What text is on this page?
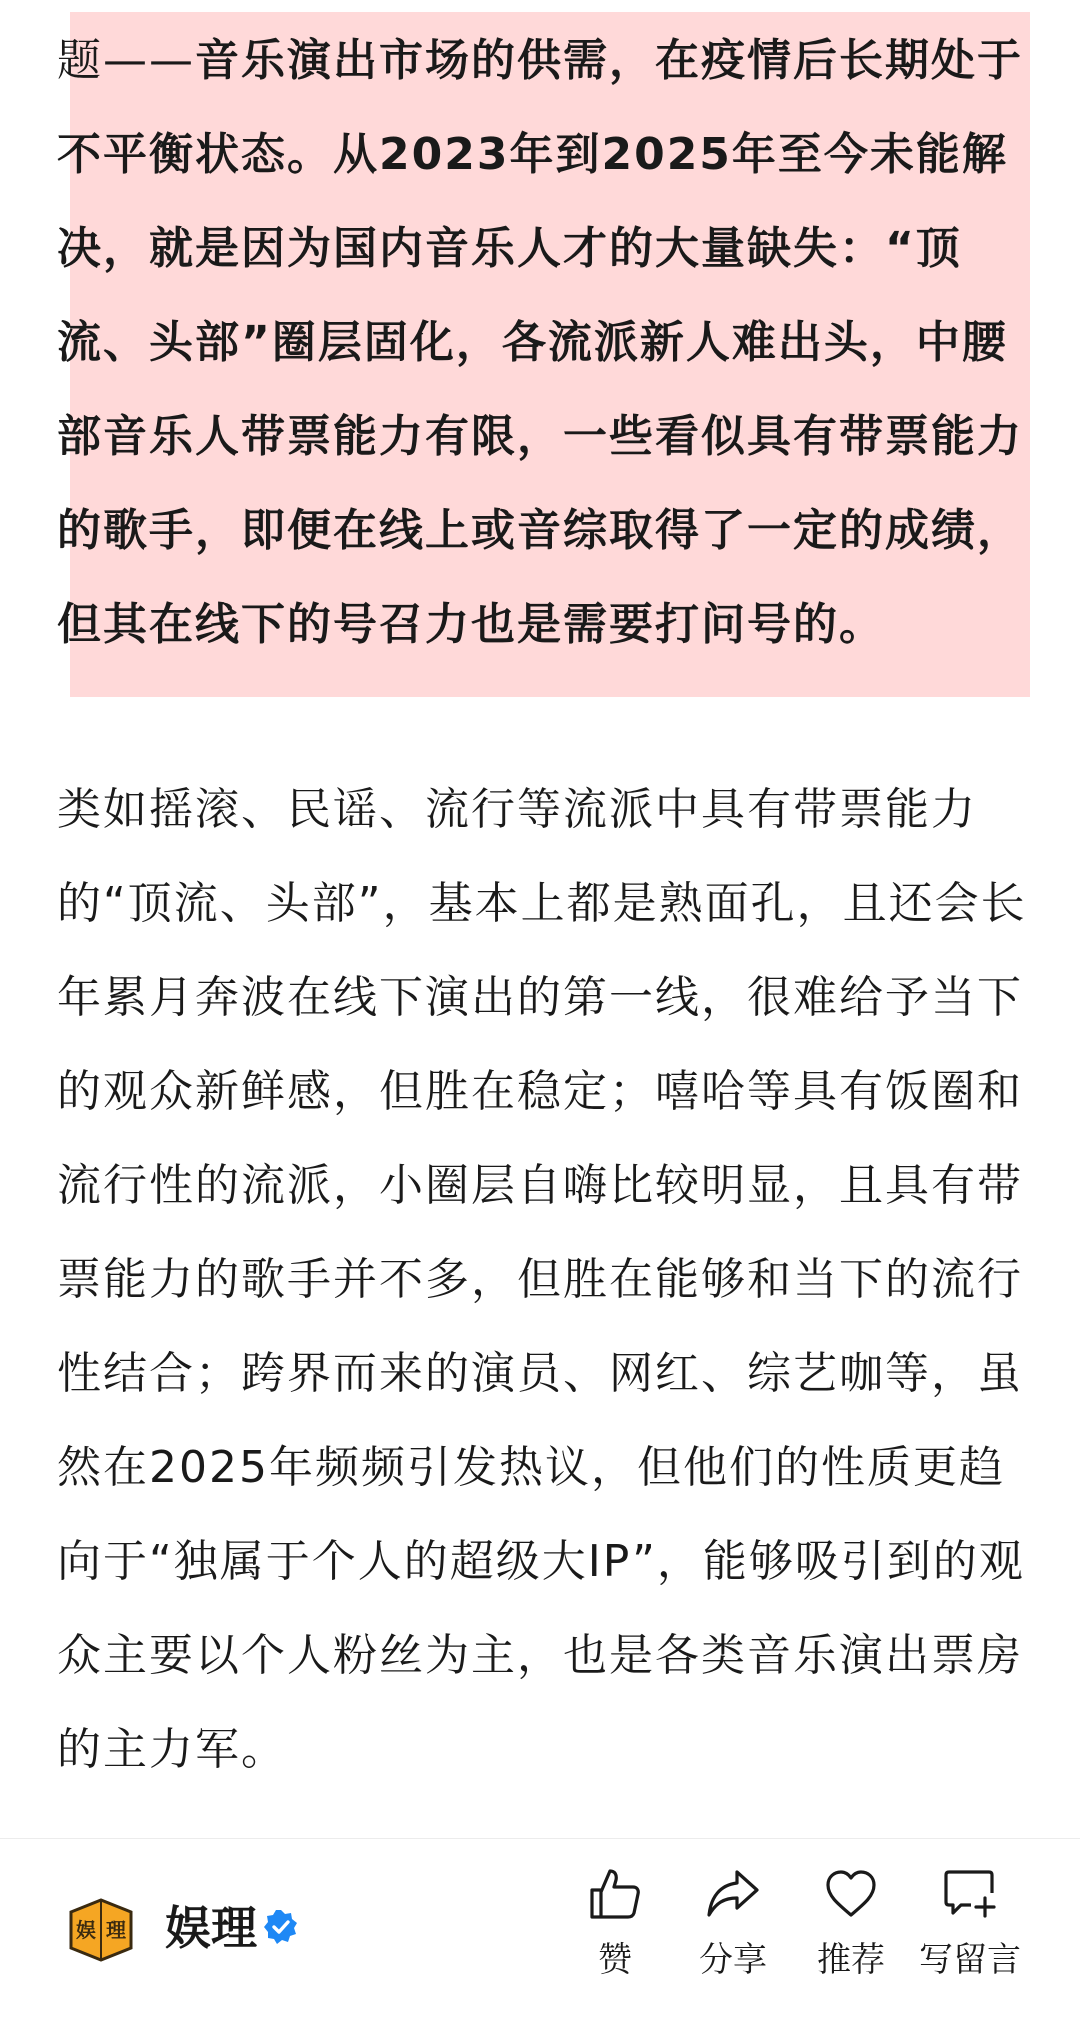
题——音乐演出市场的供需，在疫情后长期处于不平衡状态。从2023年到2025年至今未能解决，就是因为国内音乐人才的大量缺失：“顶流、头部”圈层固化，各流派新人难出头，中腰部音乐人带票能力有限，一些看似具有带票能力的歌手，即便在线上或音综取得了一定的成绩，但其在线下的号召力也是需要打问号的。

类如摇滚、民谣、流行等流派中具有带票能力的“顶流、头部”，基本上都是熟面孔，且还会长年累月奔波在线下演出的第一线，很难给予当下的观众新鲜感，但胜在稳定；嘻哈等具有饭圈和流行性的流派，小圈层自嗨比较明显，且具有带票能力的歌手并不多，但胜在能够和当下的流行性结合；跨界而来的演员、网红、综艺咖等，虽然在2025年频频引发热议，但他们的性质更趋向于“独属于个人的超级大IP”，能够吸引到的观众主要以个人粉丝为主，也是各类音乐演出票房的主力军。

娱 理 娱理
赞	分享	推荐	写留言
